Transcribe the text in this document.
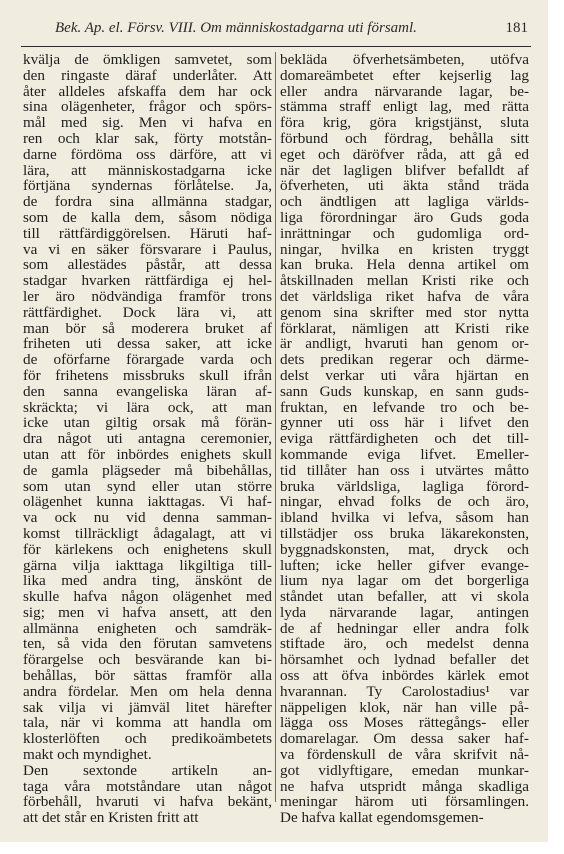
Bek. Ap. el. Försv. VIII. Om människostadgarna uti församl.	181
kvälja de ömkligen samvetet, som
den ringaste däraf underlåter. Att
åter alldeles afskaffa dem har ock
sina olägenheter, frågor och spörs-
mål med sig. Men vi hafva en
ren och klar sak, förty motstån-
darne fördöma oss därföre, att vi
lära, att människostadgarna icke
förtjäna syndernas förlåtelse. Ja,
de fordra sina allmänna stadgar,
som de kalla dem, såsom nödiga
till rättfärdiggörelsen. Häruti haf-
va vi en säker försvarare i Paulus,
som allestädes påstår, att dessa
stadgar hvarken rättfärdiga ej hel-
ler äro nödvändiga framför trons
rättfärdighet. Dock lära vi, att
man bör så moderera bruket af
friheten uti dessa saker, att icke
de oförfarne förargade varda och
för frihetens missbruks skull ifrån
den sanna evangeliska läran af-
skräckta; vi lära ock, att man
icke utan giltig orsak må förän-
dra något uti antagna ceremonier,
utan att för inbördes enighets skull
de gamla plägseder må bibehållas,
som utan synd eller utan större
olägenhet kunna iakttagas. Vi haf-
va ock nu vid denna samman-
komst tillräckligt ådagalagt, att vi
för kärlekens och enighetens skull
gärna vilja iakttaga likgiltiga till-
lika med andra ting, änskönt de
skulle hafva någon olägenhet med
sig; men vi hafva ansett, att den
allmänna enigheten och samdräk-
ten, så vida den förutan samvetens
förargelse och besvärande kan bi-
behållas, bör sättas framför alla
andra fördelar. Men om hela denna
sak vilja vi jämväl litet härefter
tala, när vi komma att handla om
klosterlöften och predikoämbetets
makt och myndighet.
Den sextonde artikeln an-
taga våra motståndare utan något
förbehåll, hvaruti vi hafva bekänt,
att det står en Kristen fritt att
bekläda öfverhetsämbeten, utöfva
domareämbetet efter kejserlig lag
eller andra närvarande lagar, be-
stämma straff enligt lag, med rätta
föra krig, göra krigstjänst, sluta
förbund och fördrag, behålla sitt
eget och däröfver råda, att gå ed
när det lagligen blifver befalldt af
öfverheten, uti äkta stånd träda
och ändtligen att lagliga världs-
liga förordningar äro Guds goda
inrättningar och gudomliga ord-
ningar, hvilka en kristen tryggt
kan bruka. Hela denna artikel om
åtskillnaden mellan Kristi rike och
det världsliga riket hafva de våra
genom sina skrifter med stor nytta
förklarat, nämligen att Kristi rike
är andligt, hvaruti han genom or-
dets predikan regerar och därme-
delst verkar uti våra hjärtan en
sann Guds kunskap, en sann guds-
fruktan, en lefvande tro och be-
gynner uti oss här i lifvet den
eviga rättfärdigheten och det till-
kommande eviga lifvet. Emeller-
tid tillåter han oss i utvärtes måtto
bruka världsliga, lagliga förord-
ningar, ehvad folks de och äro,
ibland hvilka vi lefva, såsom han
tillstädjer oss bruka läkarekonsten,
byggnadskonsten, mat, dryck och
luften; icke heller gifver evange-
lium nya lagar om det borgerliga
ståndet utan befaller, att vi skola
lyda närvarande lagar, antingen
de af hedningar eller andra folk
stiftade äro, och medelst denna
hörsamhet och lydnad befaller det
oss att öfva inbördes kärlek emot
hvarannan. Ty Carolostadius¹ var
näppeligen klok, när han ville på-
lägga oss Moses rättegångs- eller
domarelagar. Om dessa saker haf-
va fördenskull de våra skrifvit nå-
got vidlyftigare, emedan munkar-
ne hafva utspridt många skadliga
meningar härom uti församlingen.
De hafva kallat egendomsgemen-
